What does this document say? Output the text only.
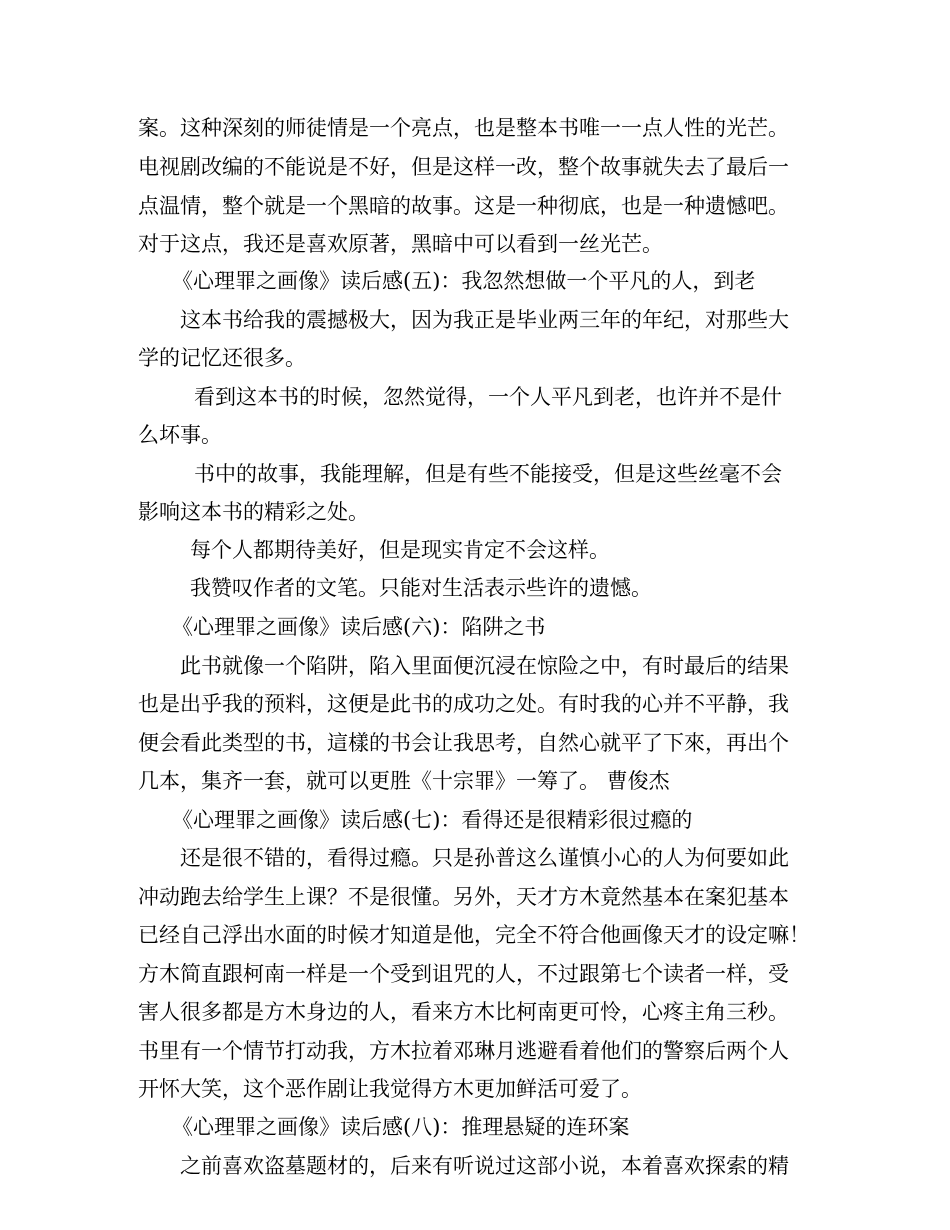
案。这种深刻的师徒情是一个亮点，也是整本书唯一一点人性的光芒。
电视剧改编的不能说是不好，但是这样一改，整个故事就失去了最后一
点温情，整个就是一个黑暗的故事。这是一种彻底，也是一种遗憾吧。
对于这点，我还是喜欢原著，黑暗中可以看到一丝光芒。
《心理罪之画像》读后感(五)：我忽然想做一个平凡的人，到老
这本书给我的震撼极大，因为我正是毕业两三年的年纪，对那些大
学的记忆还很多。
看到这本书的时候，忽然觉得，一个人平凡到老，也许并不是什
么坏事。
书中的故事，我能理解，但是有些不能接受，但是这些丝毫不会
影响这本书的精彩之处。
每个人都期待美好，但是现实肯定不会这样。
我赞叹作者的文笔。只能对生活表示些许的遗憾。
《心理罪之画像》读后感(六)：陷阱之书
此书就像一个陷阱，陷入里面便沉浸在惊险之中，有时最后的结果
也是出乎我的预料，这便是此书的成功之处。有时我的心并不平静，我
便会看此类型的书，這樣的书会让我思考，自然心就平了下來，再出个
几本，集齐一套，就可以更胜《十宗罪》一筹了。 曹俊杰
《心理罪之画像》读后感(七)：看得还是很精彩很过瘾的
还是很不错的，看得过瘾。只是孙普这么谨慎小心的人为何要如此
冲动跑去给学生上课？不是很懂。另外，天才方木竟然基本在案犯基本
已经自己浮出水面的时候才知道是他，完全不符合他画像天才的设定嘛！
方木简直跟柯南一样是一个受到诅咒的人，不过跟第七个读者一样，受
害人很多都是方木身边的人，看来方木比柯南更可怜，心疼主角三秒。
书里有一个情节打动我，方木拉着邓琳月逃避看着他们的警察后两个人
开怀大笑，这个恶作剧让我觉得方木更加鲜活可爱了。
《心理罪之画像》读后感(八)：推理悬疑的连环案
之前喜欢盗墓题材的，后来有听说过这部小说，本着喜欢探索的精
